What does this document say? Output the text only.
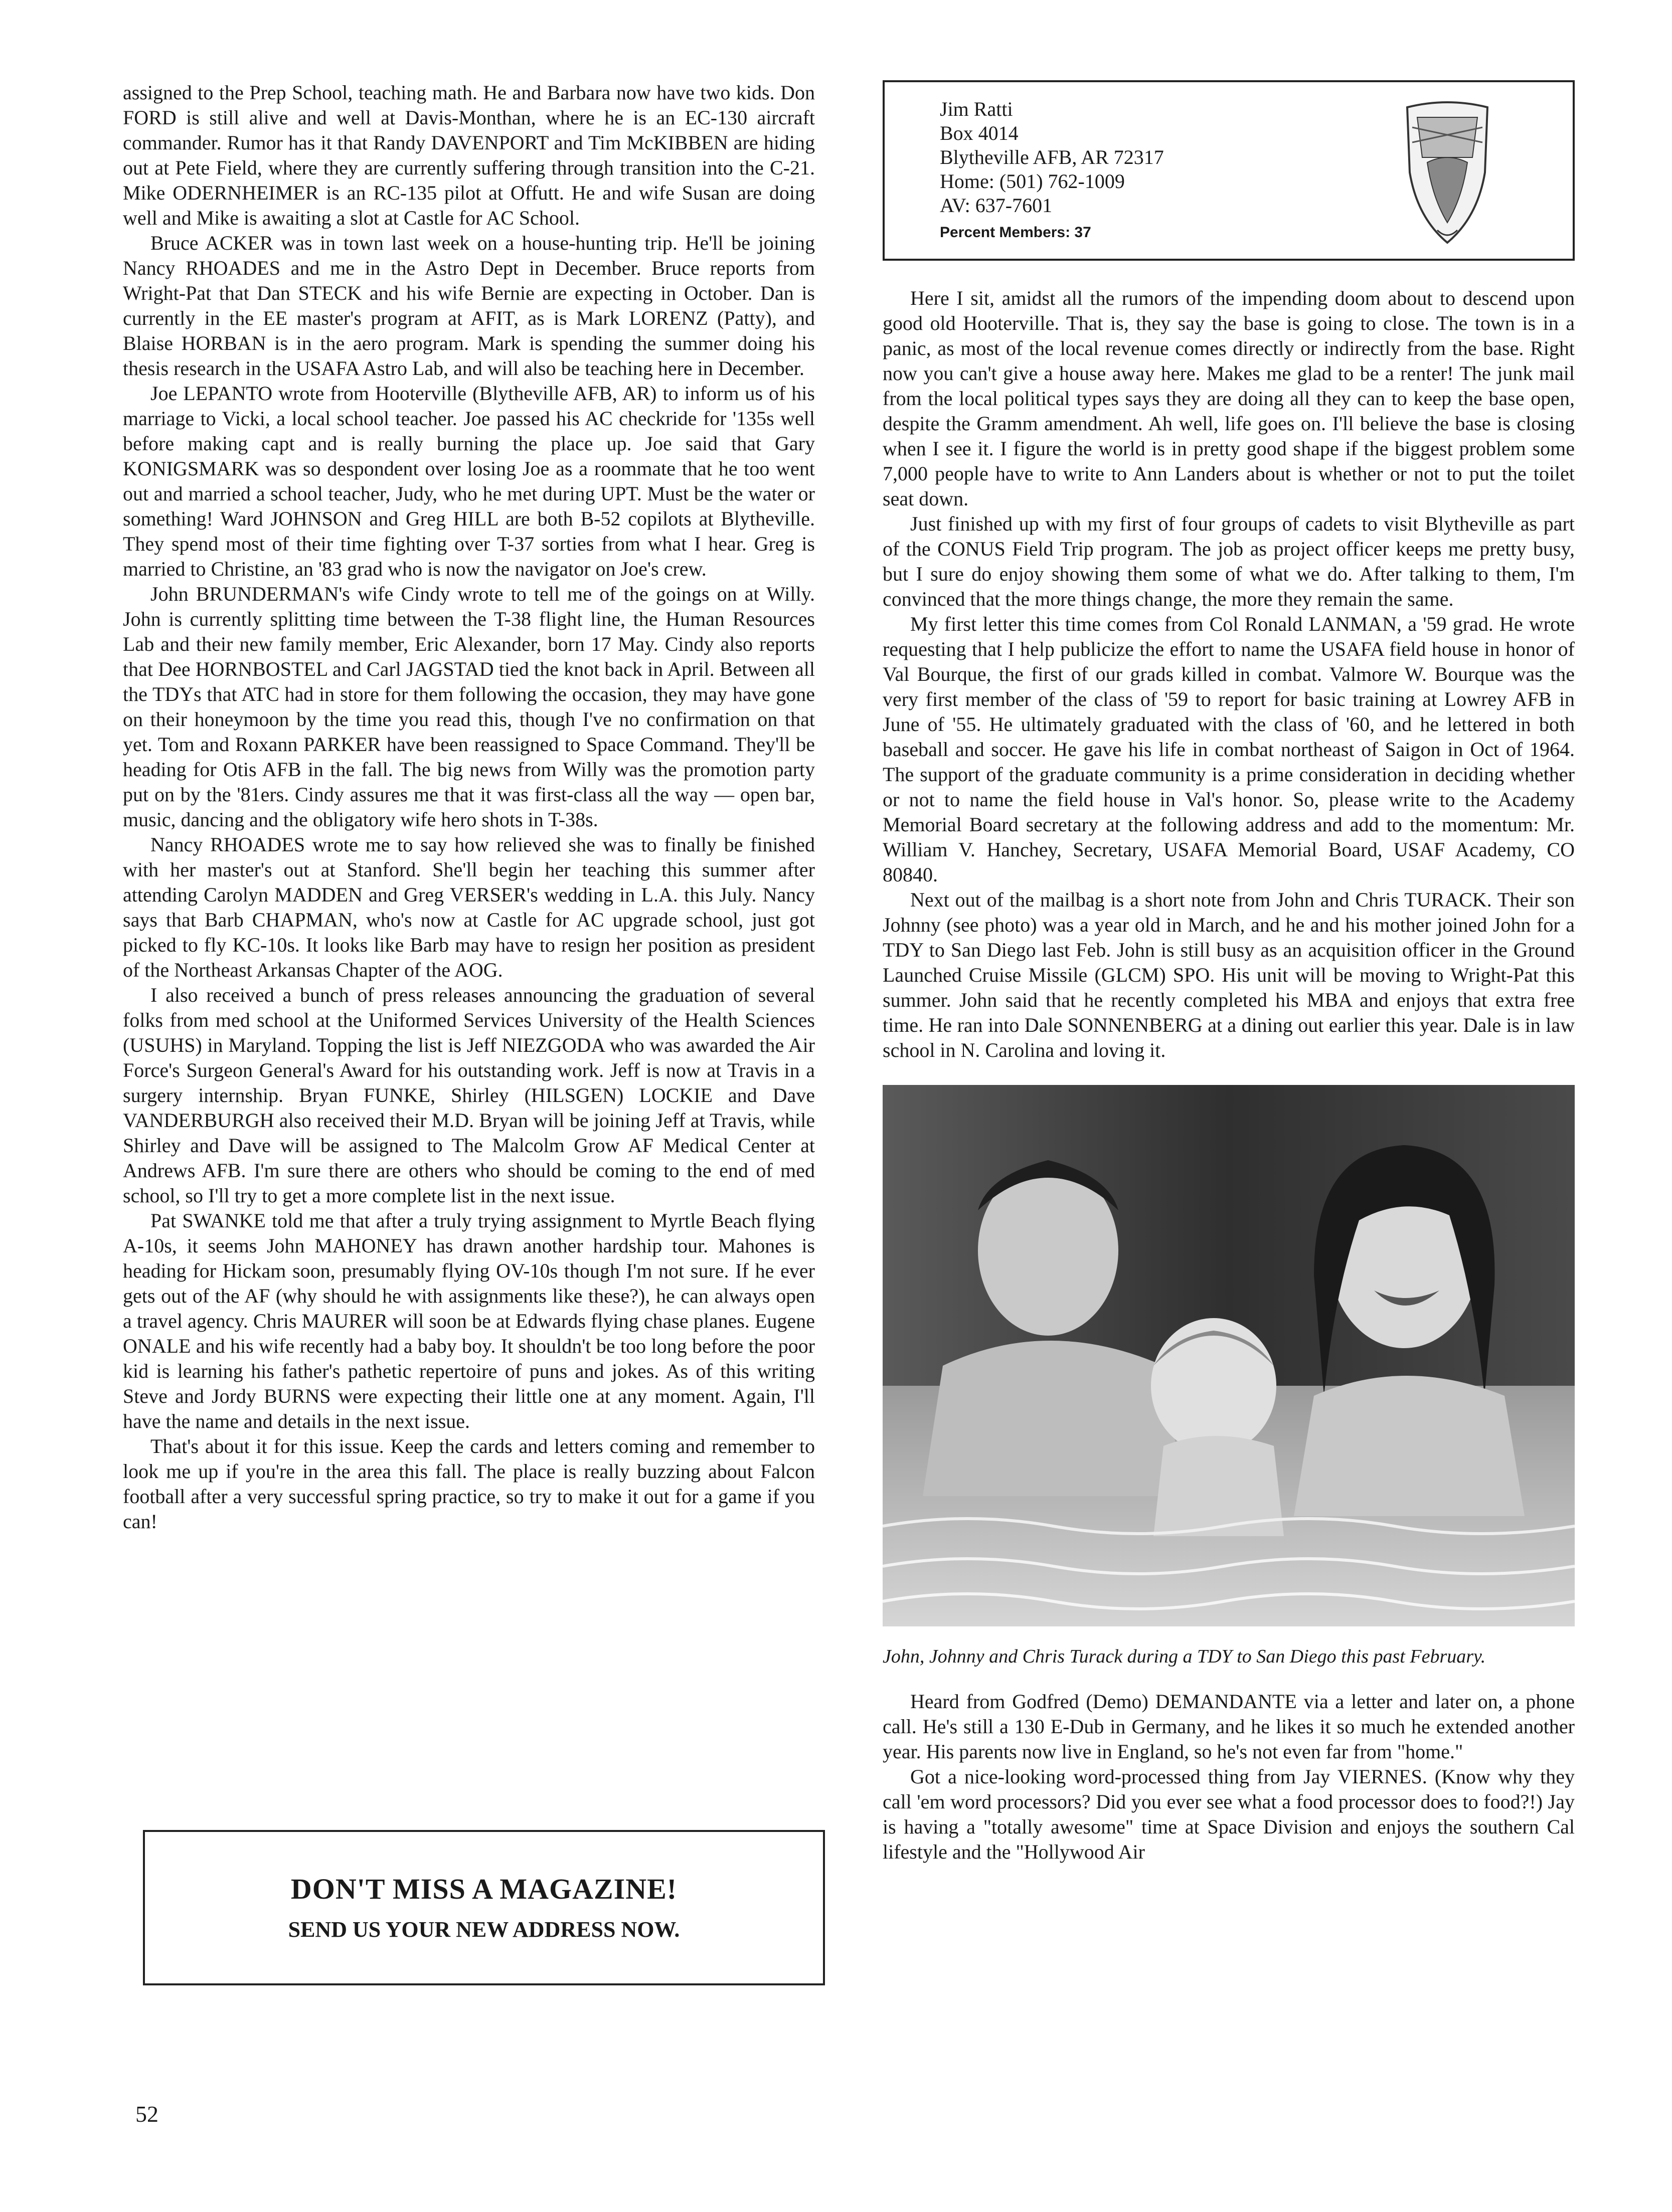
assigned to the Prep School, teaching math. He and Barbara now have two kids. Don FORD is still alive and well at Davis-Monthan, where he is an EC-130 aircraft commander. Rumor has it that Randy DAVENPORT and Tim McKIBBEN are hiding out at Pete Field, where they are currently suffering through transition into the C-21. Mike ODERNHEIMER is an RC-135 pilot at Offutt. He and wife Susan are doing well and Mike is awaiting a slot at Castle for AC School.

Bruce ACKER was in town last week on a house-hunting trip. He'll be joining Nancy RHOADES and me in the Astro Dept in December. Bruce reports from Wright-Pat that Dan STECK and his wife Bernie are expecting in October. Dan is currently in the EE master's program at AFIT, as is Mark LORENZ (Patty), and Blaise HORBAN is in the aero program. Mark is spending the summer doing his thesis research in the USAFA Astro Lab, and will also be teaching here in December.

Joe LEPANTO wrote from Hooterville (Blytheville AFB, AR) to inform us of his marriage to Vicki, a local school teacher. Joe passed his AC checkride for '135s well before making capt and is really burning the place up. Joe said that Gary KONIGSMARK was so despondent over losing Joe as a roommate that he too went out and married a school teacher, Judy, who he met during UPT. Must be the water or something! Ward JOHNSON and Greg HILL are both B-52 copilots at Blytheville. They spend most of their time fighting over T-37 sorties from what I hear. Greg is married to Christine, an '83 grad who is now the navigator on Joe's crew.

John BRUNDERMAN's wife Cindy wrote to tell me of the goings on at Willy. John is currently splitting time between the T-38 flight line, the Human Resources Lab and their new family member, Eric Alexander, born 17 May. Cindy also reports that Dee HORNBOSTEL and Carl JAGSTAD tied the knot back in April. Between all the TDYs that ATC had in store for them following the occasion, they may have gone on their honeymoon by the time you read this, though I've no confirmation on that yet. Tom and Roxann PARKER have been reassigned to Space Command. They'll be heading for Otis AFB in the fall. The big news from Willy was the promotion party put on by the '81ers. Cindy assures me that it was first-class all the way — open bar, music, dancing and the obligatory wife hero shots in T-38s.

Nancy RHOADES wrote me to say how relieved she was to finally be finished with her master's out at Stanford. She'll begin her teaching this summer after attending Carolyn MADDEN and Greg VERSER's wedding in L.A. this July. Nancy says that Barb CHAPMAN, who's now at Castle for AC upgrade school, just got picked to fly KC-10s. It looks like Barb may have to resign her position as president of the Northeast Arkansas Chapter of the AOG.

I also received a bunch of press releases announcing the graduation of several folks from med school at the Uniformed Services University of the Health Sciences (USUHS) in Maryland. Topping the list is Jeff NIEZGODA who was awarded the Air Force's Surgeon General's Award for his outstanding work. Jeff is now at Travis in a surgery internship. Bryan FUNKE, Shirley (HILSGEN) LOCKIE and Dave VANDERBURGH also received their M.D. Bryan will be joining Jeff at Travis, while Shirley and Dave will be assigned to The Malcolm Grow AF Medical Center at Andrews AFB. I'm sure there are others who should be coming to the end of med school, so I'll try to get a more complete list in the next issue.

Pat SWANKE told me that after a truly trying assignment to Myrtle Beach flying A-10s, it seems John MAHONEY has drawn another hardship tour. Mahones is heading for Hickam soon, presumably flying OV-10s though I'm not sure. If he ever gets out of the AF (why should he with assignments like these?), he can always open a travel agency. Chris MAURER will soon be at Edwards flying chase planes. Eugene ONALE and his wife recently had a baby boy. It shouldn't be too long before the poor kid is learning his father's pathetic repertoire of puns and jokes. As of this writing Steve and Jordy BURNS were expecting their little one at any moment. Again, I'll have the name and details in the next issue.

That's about it for this issue. Keep the cards and letters coming and remember to look me up if you're in the area this fall. The place is really buzzing about Falcon football after a very successful spring practice, so try to make it out for a game if you can!

DON'T MISS A MAGAZINE!
SEND US YOUR NEW ADDRESS NOW.
Jim Ratti
Box 4014
Blytheville AFB, AR 72317
Home: (501) 762-1009
AV: 637-7601
Percent Members: 37

Here I sit, amidst all the rumors of the impending doom about to descend upon good old Hooterville. That is, they say the base is going to close. The town is in a panic, as most of the local revenue comes directly or indirectly from the base. Right now you can't give a house away here. Makes me glad to be a renter! The junk mail from the local political types says they are doing all they can to keep the base open, despite the Gramm amendment. Ah well, life goes on. I'll believe the base is closing when I see it. I figure the world is in pretty good shape if the biggest problem some 7,000 people have to write to Ann Landers about is whether or not to put the toilet seat down.

Just finished up with my first of four groups of cadets to visit Blytheville as part of the CONUS Field Trip program. The job as project officer keeps me pretty busy, but I sure do enjoy showing them some of what we do. After talking to them, I'm convinced that the more things change, the more they remain the same.

My first letter this time comes from Col Ronald LANMAN, a '59 grad. He wrote requesting that I help publicize the effort to name the USAFA field house in honor of Val Bourque, the first of our grads killed in combat. Valmore W. Bourque was the very first member of the class of '59 to report for basic training at Lowrey AFB in June of '55. He ultimately graduated with the class of '60, and he lettered in both baseball and soccer. He gave his life in combat northeast of Saigon in Oct of 1964. The support of the graduate community is a prime consideration in deciding whether or not to name the field house in Val's honor. So, please write to the Academy Memorial Board secretary at the following address and add to the momentum: Mr. William V. Hanchey, Secretary, USAFA Memorial Board, USAF Academy, CO 80840.

Next out of the mailbag is a short note from John and Chris TURACK. Their son Johnny (see photo) was a year old in March, and he and his mother joined John for a TDY to San Diego last Feb. John is still busy as an acquisition officer in the Ground Launched Cruise Missile (GLCM) SPO. His unit will be moving to Wright-Pat this summer. John said that he recently completed his MBA and enjoys that extra free time. He ran into Dale SONNENBERG at a dining out earlier this year. Dale is in law school in N. Carolina and loving it.

John, Johnny and Chris Turack during a TDY to San Diego this past February.

Heard from Godfred (Demo) DEMANDANTE via a letter and later on, a phone call. He's still a 130 E-Dub in Germany, and he likes it so much he extended another year. His parents now live in England, so he's not even far from "home."

Got a nice-looking word-processed thing from Jay VIERNES. (Know why they call 'em word processors? Did you ever see what a food processor does to food?!) Jay is having a "totally awesome" time at Space Division and enjoys the southern Cal lifestyle and the "Hollywood Air

52
